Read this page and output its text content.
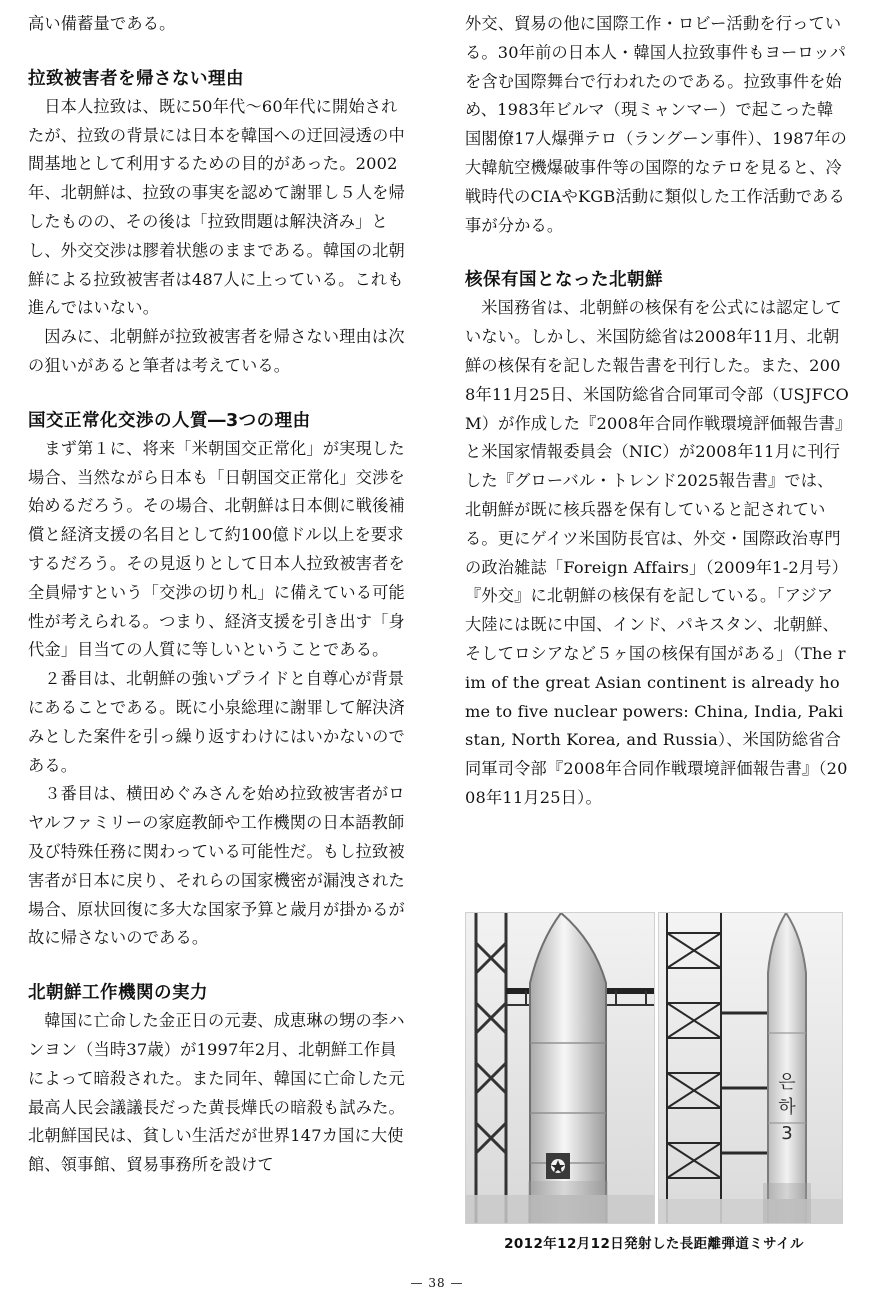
高い備蓄量である。

拉致被害者を帰さない理由

日本人拉致は、既に50年代～60年代に開始されたが、拉致の背景には日本を韓国への迂回浸透の中間基地として利用するための目的があった。2002年、北朝鮮は、拉致の事実を認めて謝罪し５人を帰したものの、その後は「拉致問題は解決済み」とし、外交交渉は膠着状態のままである。韓国の北朝鮮による拉致被害者は487人に上っている。これも進んではいない。

因みに、北朝鮮が拉致被害者を帰さない理由は次の狙いがあると筆者は考えている。

国交正常化交渉の人質―3つの理由

まず第１に、将来「米朝国交正常化」が実現した場合、当然ながら日本も「日朝国交正常化」交渉を始めるだろう。その場合、北朝鮮は日本側に戦後補償と経済支援の名目として約100億ドル以上を要求するだろう。その見返りとして日本人拉致被害者を全員帰すという「交渉の切り札」に備えている可能性が考えられる。つまり、経済支援を引き出す「身代金」目当ての人質に等しいということである。

２番目は、北朝鮮の強いプライドと自尊心が背景にあることである。既に小泉総理に謝罪して解決済みとした案件を引っ繰り返すわけにはいかないのである。

３番目は、横田めぐみさんを始め拉致被害者がロヤルファミリーの家庭教師や工作機関の日本語教師及び特殊任務に関わっている可能性だ。もし拉致被害者が日本に戻り、それらの国家機密が漏洩された場合、原状回復に多大な国家予算と歳月が掛かるが故に帰さないのである。

北朝鮮工作機関の実力

韓国に亡命した金正日の元妻、成恵琳の甥の李ハンヨン（当時37歳）が1997年2月、北朝鮮工作員によって暗殺された。また同年、韓国に亡命した元最高人民会議議長だった黄長燁氏の暗殺も試みた。北朝鮮国民は、貧しい生活だが世界147カ国に大使館、領事館、貿易事務所を設けて

外交、貿易の他に国際工作・ロビー活動を行っている。30年前の日本人・韓国人拉致事件もヨーロッパを含む国際舞台で行われたのである。拉致事件を始め、1983年ビルマ（現ミャンマー）で起こった韓国閣僚17人爆弾テロ（ラングーン事件）、1987年の大韓航空機爆破事件等の国際的なテロを見ると、冷戦時代のCIAやKGB活動に類似した工作活動である事が分かる。

核保有国となった北朝鮮

米国務省は、北朝鮮の核保有を公式には認定していない。しかし、米国防総省は2008年11月、北朝鮮の核保有を記した報告書を刊行した。また、2008年11月25日、米国防総省合同軍司令部（USJFCOM）が作成した『2008年合同作戦環境評価報告書』と米国家情報委員会（NIC）が2008年11月に刊行した『グローバル・トレンド2025報告書』では、北朝鮮が既に核兵器を保有していると記されている。更にゲイツ米国防長官は、外交・国際政治専門の政治雑誌「Foreign Affairs」（2009年1-2月号）『外交』に北朝鮮の核保有を記している。「アジア大陸には既に中国、インド、パキスタン、北朝鮮、そしてロシアなど５ヶ国の核保有国がある」（The rim of the great Asian continent is already home to five nuclear powers: China, India, Pakistan, North Korea, and Russia）、米国防総省合同軍司令部『2008年合同作戦環境評価報告書』（2008年11月25日）。

은
하
3
2012年12月12日発射した長距離弾道ミサイル
— 38 —
